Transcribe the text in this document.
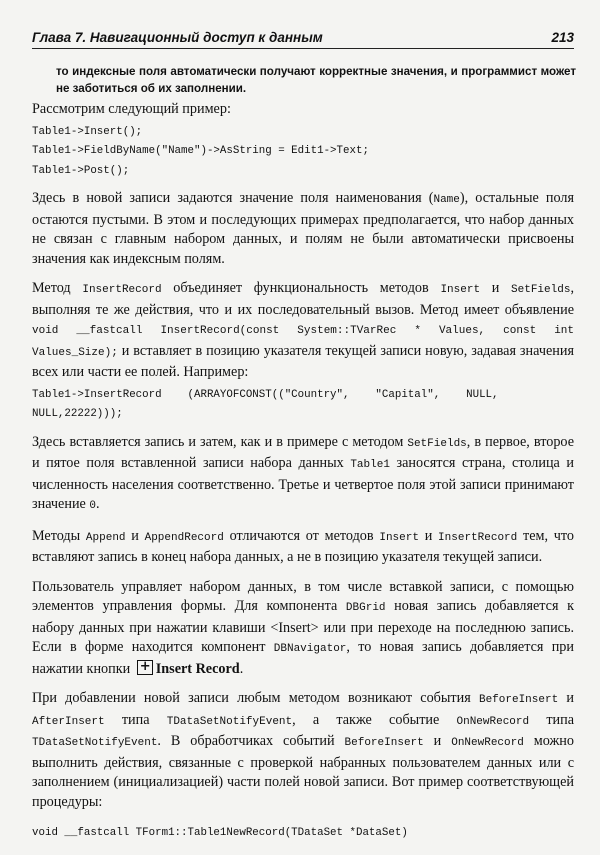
Глава 7. Навигационный доступ к данным	213
то индексные поля автоматически получают корректные значения, и программист может не заботиться об их заполнении.

Рассмотрим следующий пример:

Table1->Insert();
Table1->FieldByName("Name")->AsString = Edit1->Text;
Table1->Post();

Здесь в новой записи задаются значение поля наименования (Name), остальные поля остаются пустыми. В этом и последующих примерах предполагается, что набор данных не связан с главным набором данных, и полям не были автоматически присвоены значения как индексным полям.

Метод InsertRecord объединяет функциональность методов Insert и SetFields, выполняя те же действия, что и их последовательный вызов. Метод имеет объявление void __fastcall InsertRecord(const System::TVarRec * Values, const int Values_Size); и вставляет в позицию указателя текущей записи новую, задавая значения всех или части ее полей. Например:

Table1->InsertRecord    (ARRAYOFCONST(("Country",    "Capital",    NULL,
NULL,22222)));

Здесь вставляется запись и затем, как и в примере с методом SetFields, в первое, второе и пятое поля вставленной записи набора данных Table1 заносятся страна, столица и численность населения соответственно. Третье и четвертое поля этой записи принимают значение 0.

Методы Append и AppendRecord отличаются от методов Insert и InsertRecord тем, что вставляют запись в конец набора данных, а не в позицию указателя текущей записи.

Пользователь управляет набором данных, в том числе вставкой записи, с помощью элементов управления формы. Для компонента DBGrid новая запись добавляется к набору данных при нажатии клавиши <Insert> или при переходе на последнюю запись. Если в форме находится компонент DBNavigator, то новая запись добавляется при нажатии кнопки +Insert Record.

При добавлении новой записи любым методом возникают события BeforeInsert и AfterInsert типа TDataSetNotifyEvent, а также событие OnNewRecord типа TDataSetNotifyEvent. В обработчиках событий BeforeInsert и OnNewRecord можно выполнить действия, связанные с проверкой набранных пользователем данных или с заполнением (инициализацией) части полей новой записи. Вот пример соответствующей процедуры:

void __fastcall TForm1::Table1NewRecord(TDataSet *DataSet)
